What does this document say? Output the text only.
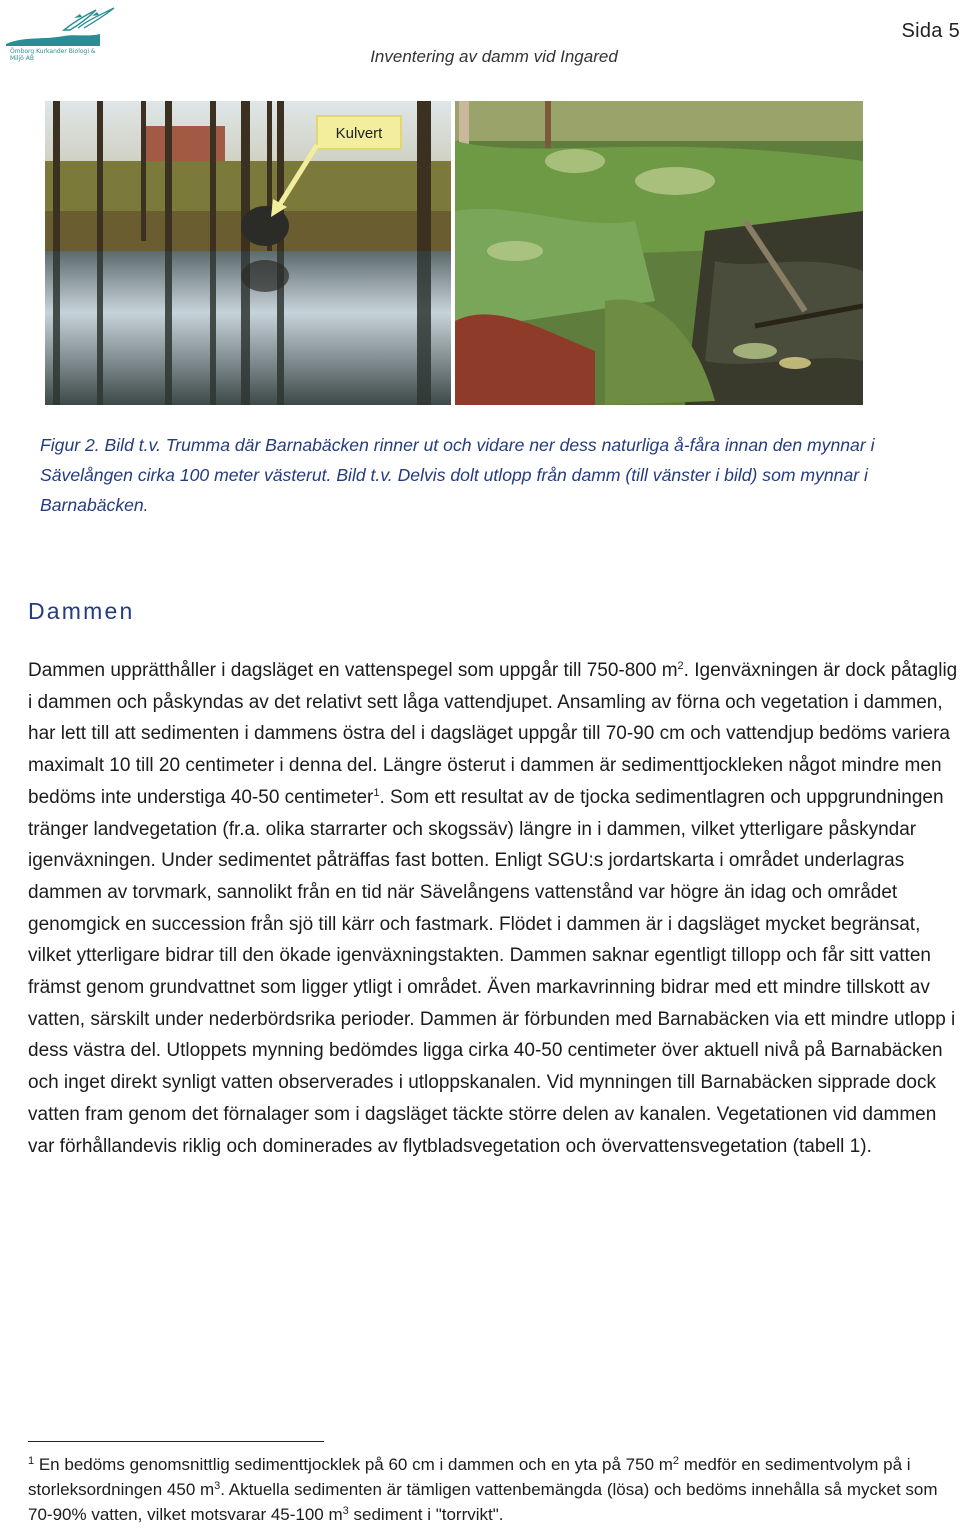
Ömborg Kurkander Biologi & Miljö AB
Sida 5
Inventering av damm vid Ingared
Kulvert

Figur 2. Bild t.v. Trumma där Barnabäcken rinner ut och vidare ner dess naturliga å-fåra innan den mynnar i Sävelången cirka 100 meter västerut. Bild t.v. Delvis dolt utlopp från damm (till vänster i bild) som mynnar i Barnabäcken.

Dammen

Dammen upprätthåller i dagsläget en vattenspegel som uppgår till 750-800 $m^2$. Igenväxningen är dock påtaglig i dammen och påskyndas av det relativt sett låga vattendjupet. Ansamling av förna och vegetation i dammen, har lett till att sedimenten i dammens östra del i dagsläget uppgår till 70-90 cm och vattendjup bedöms variera maximalt 10 till 20 centimeter i denna del. Längre österut i dammen är sedimenttjockleken något mindre men bedöms inte understiga 40-50 centimeter$^1$. Som ett resultat av de tjocka sedimentlagren och uppgrundningen tränger landvegetation (fr.a. olika starrarter och skogssäv) längre in i dammen, vilket ytterligare påskyndar igenväxningen. Under sedimentet påträffas fast botten. Enligt SGU:s jordartskarta i området underlagras dammen av torvmark, sannolikt från en tid när Sävelångens vattenstånd var högre än idag och området genomgick en succession från sjö till kärr och fastmark. Flödet i dammen är i dagsläget mycket begränsat, vilket ytterligare bidrar till den ökade igenväxningstakten. Dammen saknar egentligt tillopp och får sitt vatten främst genom grundvattnet som ligger ytligt i området. Även markavrinning bidrar med ett mindre tillskott av vatten, särskilt under nederbördsrika perioder. Dammen är förbunden med Barnabäcken via ett mindre utlopp i dess västra del. Utloppets mynning bedömdes ligga cirka 40-50 centimeter över aktuell nivå på Barnabäcken och inget direkt synligt vatten observerades i utloppskanalen. Vid mynningen till Barnabäcken sipprade dock vatten fram genom det förnalager som i dagsläget täckte större delen av kanalen. Vegetationen vid dammen var förhållandevis riklig och dominerades av flytbladsvegetation och övervattensvegetation (tabell 1).

$^1$ En bedöms genomsnittlig sedimenttjocklek på 60 cm i dammen och en yta på 750 $m^2$ medför en sedimentvolym på i storleksordningen 450 $m^3$. Aktuella sedimenten är tämligen vattenbemängda (lösa) och bedöms innehålla så mycket som 70-90% vatten, vilket motsvarar 45-100 $m^3$ sediment i "torrvikt".
